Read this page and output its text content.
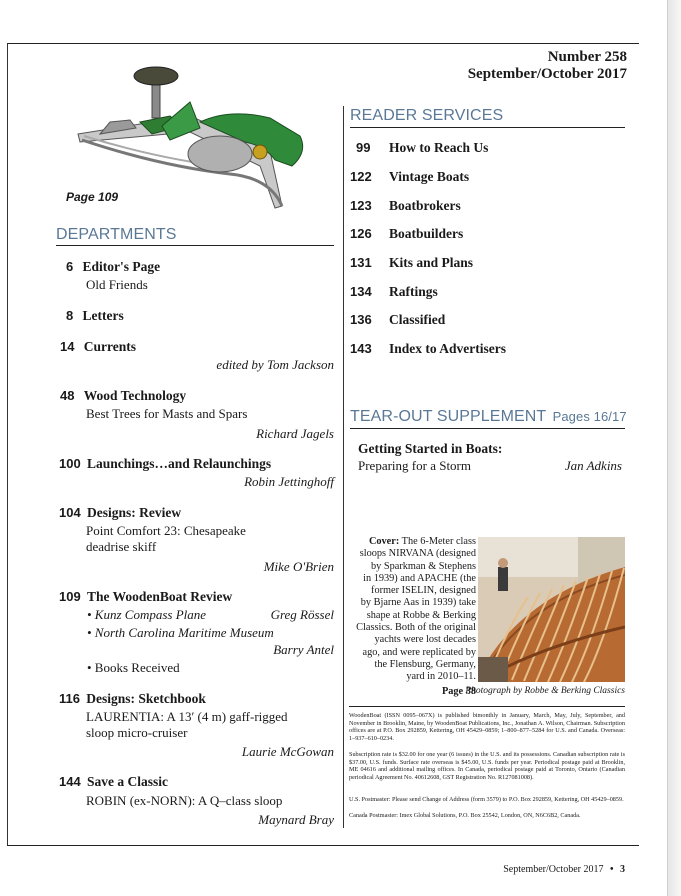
Number 258
September/October 2017
Page 109
DEPARTMENTS
6 Editor's Page
Old Friends
8 Letters
14 Currents
edited by Tom Jackson
48 Wood Technology
Best Trees for Masts and Spars
Richard Jagels
100 Launchings…and Relaunchings
Robin Jettinghoff
104 Designs: Review
Point Comfort 23: Chesapeake
deadrise skiff
Mike O'Brien
109 The WoodenBoat Review
• Kunz Compass Plane	Greg Rössel
• North Carolina Maritime Museum
Barry Antel
• Books Received
116 Designs: Sketchbook
LAURENTIA: A 13′ (4 m) gaff-rigged
sloop micro-cruiser
Laurie McGowan
144 Save a Classic
ROBIN (ex-NORN): A Q–class sloop
Maynard Bray
READER SERVICES
99	How to Reach Us
122	Vintage Boats
123	Boatbrokers
126	Boatbuilders
131	Kits and Plans
134	Raftings
136	Classified
143	Index to Advertisers
TEAR-OUT SUPPLEMENT Pages 16/17
Getting Started in Boats:
Preparing for a Storm	Jan Adkins
Cover: The 6-Meter class
sloops NIRVANA (designed
by Sparkman & Stephens
in 1939) and APACHE (the
former ISELIN, designed
by Bjarne Aas in 1939) take
shape at Robbe & Berking
Classics. Both of the original
yachts were lost decades
ago, and were replicated by
the Flensburg, Germany,
yard in 2010–11.
Page 38
Photograph by Robbe & Berking Classics
WoodenBoat (ISSN 0095–067X) is published bimonthly in January, March, May, July, September, and November in Brooklin, Maine, by WoodenBoat Publications, Inc., Jonathan A. Wilson, Chairman. Subscription offices are at P.O. Box 292859, Kettering, OH 45429–0859; 1–800–877–5284 for U.S. and Canada. Overseas: 1–937–610–0234.
Subscription rate is $32.00 for one year (6 issues) in the U.S. and its possessions. Canadian subscription rate is $37.00, U.S. funds. Surface rate overseas is $45.00, U.S. funds per year. Periodical postage paid at Brooklin, ME 04616 and additional mailing offices. In Canada, periodical postage paid at Toronto, Ontario (Canadian periodical Agreement No. 40612608, GST Registration No. R127081008).
U.S. Postmaster: Please send Change of Address (form 3579) to P.O. Box 292859, Kettering, OH 45429–0859.
Canada Postmaster: Imex Global Solutions, P.O. Box 25542, London, ON, N6C6B2, Canada.
September/October 2017 • 3
